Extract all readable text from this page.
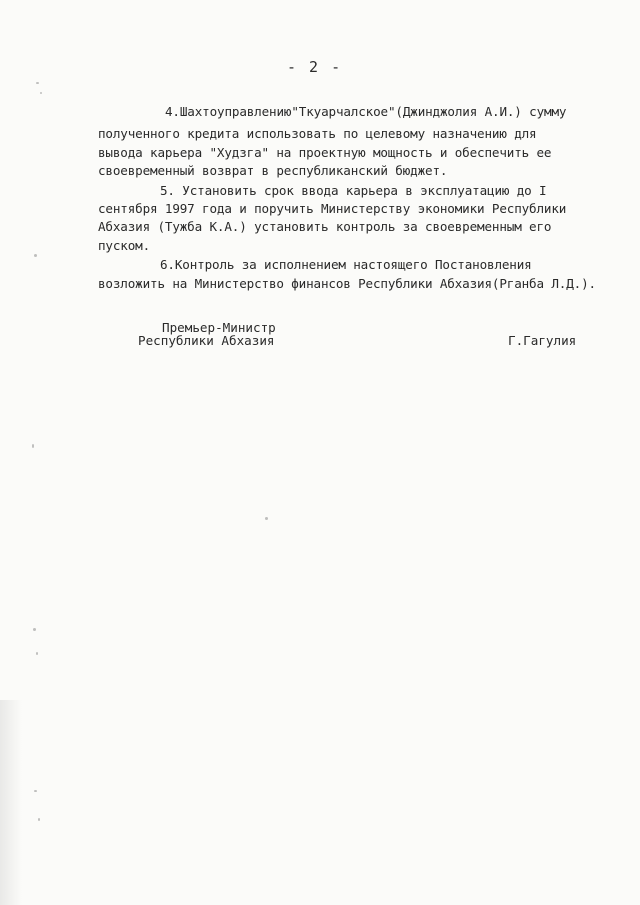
- 2 -
4.Шахтоуправлению"Ткуарчалское"(Джинджолия А.И.) сумму
полученного кредита использовать по целевому назначению для
вывода карьера "Худзга" на проектную мощность и обеспечить ее
своевременный возврат в республиканский бюджет.
5. Установить срок ввода карьера в эксплуатацию до I
сентября 1997 года и поручить Министерству экономики Республики
Абхазия (Тужба К.А.) установить контроль за своевременным его
пуском.
6.Контроль за исполнением настоящего Постановления
возложить на Министерство финансов Республики Абхазия(Рганба Л.Д.).
Премьер-Министр
Республики Абхазия	Г.Гагулия
